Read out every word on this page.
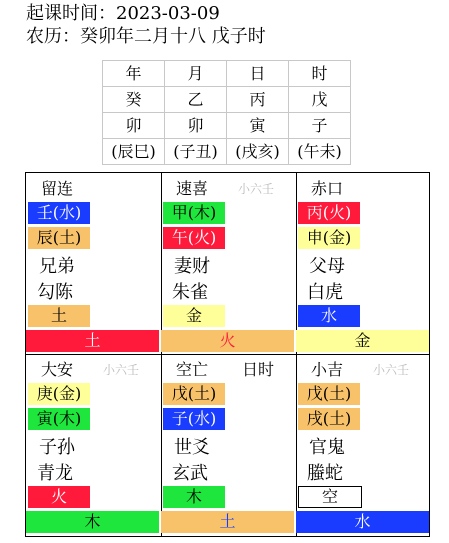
起课时间：2023-03-09
农历：癸卯年二月十八 戊子时
年	月	日	时
癸	乙	丙	戊
卯	卯	寅	子
(辰巳)	(子丑)	(戌亥)	(午未)
留连
壬(水)
辰(土)
兄弟
勾陈
土
土
速喜 小六壬
甲(木)
午(火)
妻财
朱雀
金
火
赤口
丙(火)
申(金)
父母
白虎
水
金
大安 小六壬
庚(金)
寅(木)
子孙
青龙
火
木
空亡 日时
戊(土)
子(水)
世爻
玄武
木
土
小吉 小六壬
戊(土)
戌(土)
官鬼
螣蛇
空
水
